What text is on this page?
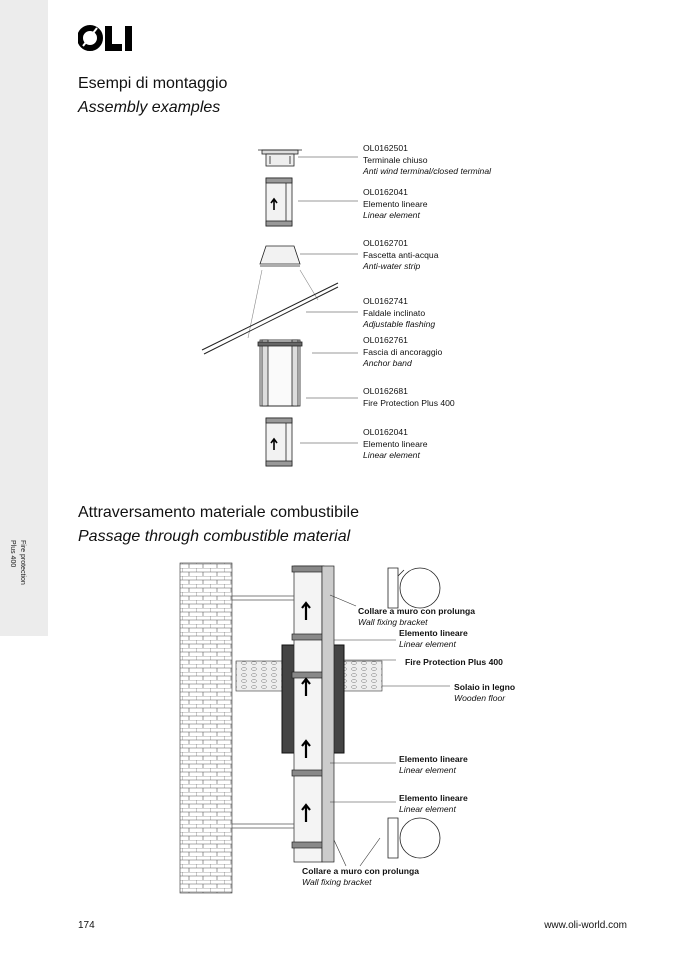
Fire protection
Plus 400
Esempi di montaggio
Assembly examples
OL0162501
Terminale chiuso
Anti wind terminal/closed terminal
OL0162041
Elemento lineare
Linear element
OL0162701
Fascetta anti-acqua
Anti-water strip
OL0162741
Faldale inclinato
Adjustable flashing
OL0162761
Fascia di ancoraggio
Anchor band
OL0162681
Fire Protection Plus 400
OL0162041
Elemento lineare
Linear element
Attraversamento materiale combustibile
Passage through combustible material
Collare a muro con prolunga
Wall fixing bracket
Elemento lineare
Linear element
Fire Protection Plus 400
Solaio in legno
Wooden floor
Elemento lineare
Linear element
Elemento lineare
Linear element
Collare a muro con prolunga
Wall fixing bracket
174	www.oli-world.com
